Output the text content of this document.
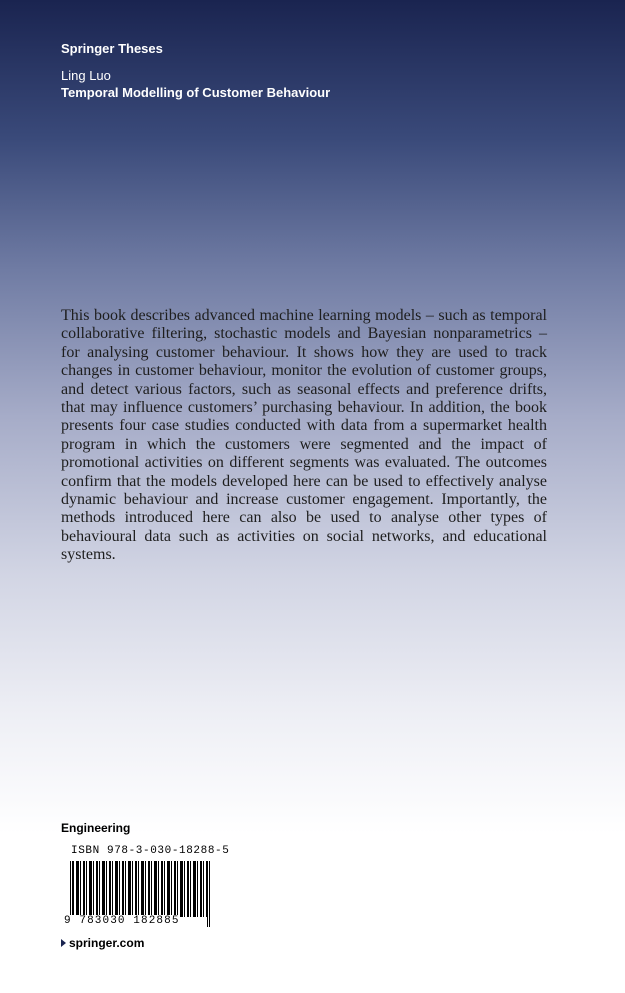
Springer Theses
Ling Luo
Temporal Modelling of Customer Behaviour

This book describes advanced machine learning models – such as temporal collaborative filtering, stochastic models and Bayesian nonparametrics – for analysing customer behaviour. It shows how they are used to track changes in customer behaviour, monitor the evolution of customer groups, and detect various factors, such as seasonal effects and preference drifts, that may influence customers’ purchasing behaviour. In addition, the book presents four case studies conducted with data from a supermarket health program in which the customers were segmented and the impact of promotional activities on different segments was evaluated. The outcomes confirm that the models developed here can be used to effectively analyse dynamic behaviour and increase customer engagement. Importantly, the methods introduced here can also be used to analyse other types of behavioural data such as activities on social networks, and educational systems.

Engineering
ISBN 978-3-030-18288-5
9 783030 182885
springer.com
